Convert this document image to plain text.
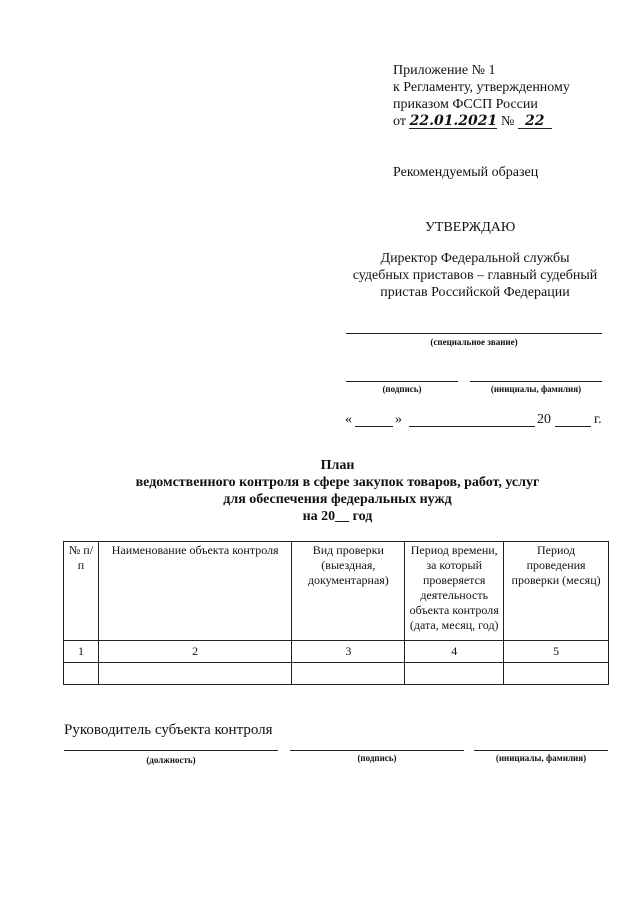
Приложение № 1
к Регламенту, утвержденному
приказом ФССП России
от 22.01.2021 № 22
Рекомендуемый образец
УТВЕРЖДАЮ
Директор Федеральной службы
судебных приставов – главный судебный
пристав Российской Федерации
(специальное звание)
(подпись)	(инициалы, фамилия)
«	»	20	г.
План
ведомственного контроля в сфере закупок товаров, работ, услуг
для обеспечения федеральных нужд
на 20__ год
№ п/п	Наименование объекта контроля	Вид проверки (выездная, документарная)	Период времени, за который проверяется деятельность объекта контроля (дата, месяц, год)	Период проведения проверки (месяц)
1	2	3	4	5

Руководитель субъекта контроля
(должность)	(подпись)	(инициалы, фамилия)
